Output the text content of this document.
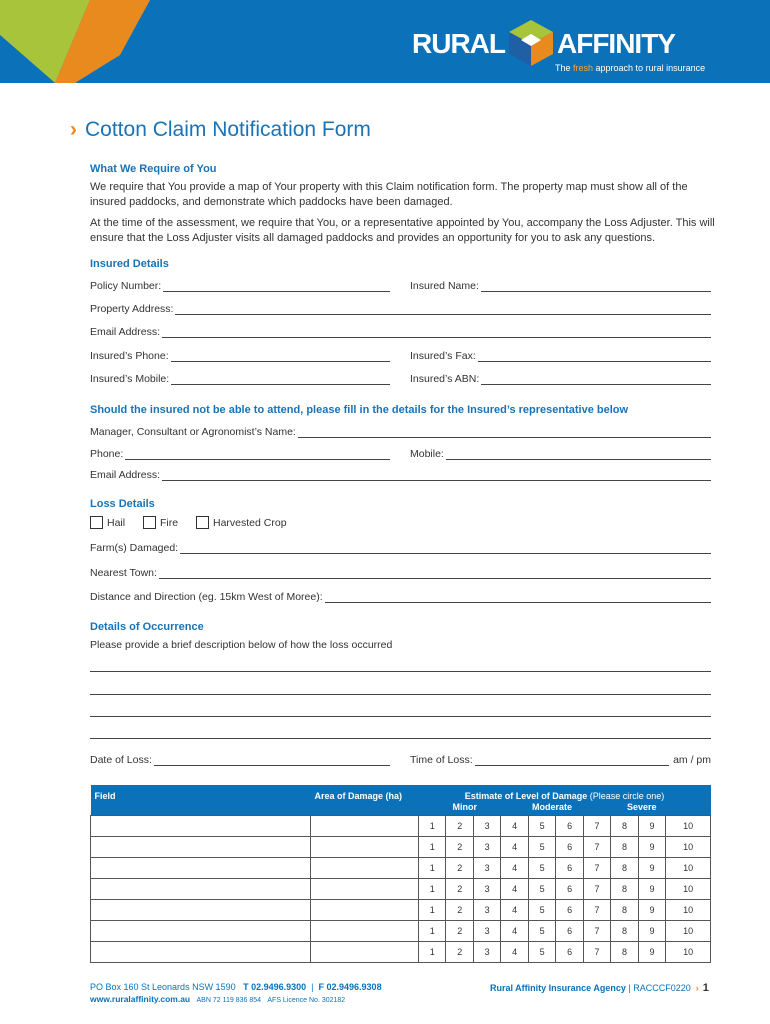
RURAL AFFINITY
The fresh approach to rural insurance
› Cotton Claim Notification Form
What We Require of You
We require that You provide a map of Your property with this Claim notification form. The property map must show all of the insured paddocks, and demonstrate which paddocks have been damaged.
At the time of the assessment, we require that You, or a representative appointed by You, accompany the Loss Adjuster. This will ensure that the Loss Adjuster visits all damaged paddocks and provides an opportunity for you to ask any questions.
Insured Details
Policy Number:	Insured Name:
Property Address:
Email Address:
Insured’s Phone:	Insured’s Fax:
Insured’s Mobile:	Insured’s ABN:
Should the insured not be able to attend, please fill in the details for the Insured’s representative below
Manager, Consultant or Agronomist’s Name:
Phone:	Mobile:
Email Address:
Loss Details
Hail	Fire	Harvested Crop
Farm(s) Damaged:
Nearest Town:
Distance and Direction (eg. 15km West of Moree):
Details of Occurrence
Please provide a brief description below of how the loss occurred
Date of Loss:	Time of Loss:	am / pm
Field	Area of Damage (ha)	Estimate of Level of Damage (Please circle one)
Minor Moderate Severe									

		1	2	3	4	5	6	7	8	9	10
		1	2	3	4	5	6	7	8	9	10
		1	2	3	4	5	6	7	8	9	10
		1	2	3	4	5	6	7	8	9	10
		1	2	3	4	5	6	7	8	9	10
		1	2	3	4	5	6	7	8	9	10
		1	2	3	4	5	6	7	8	9	10
PO Box 160 St Leonards NSW 1590 T 02.9496.9300  |  F 02.9496.9308
www.ruralaffinity.com.au ABN 72 119 836 854 AFS Licence No. 302182
Rural Affinity Insurance Agency | RACCCF0220 › 1
